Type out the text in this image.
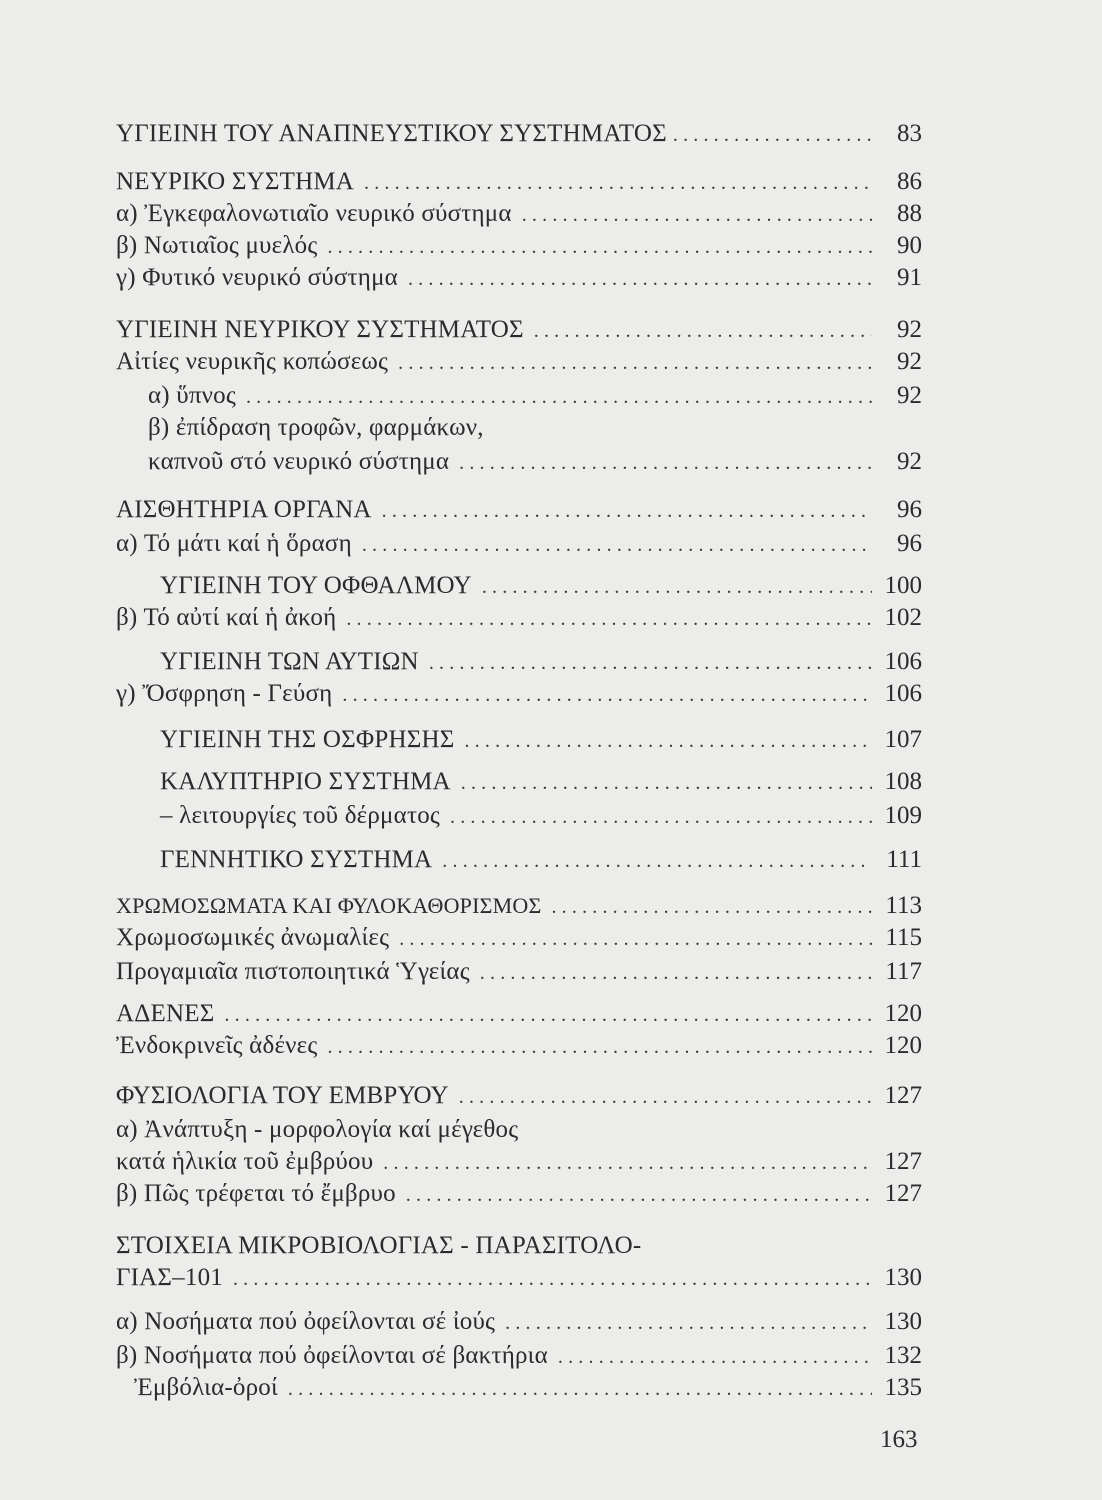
ΥΓΙΕΙΝΗ ΤΟΥ ΑΝΑΠΝΕΥΣΤΙΚΟΥ ΣΥΣΤΗΜΑΤΟΣ .....	83
ΝΕΥΡΙΚΟ ΣΥΣΤΗΜΑ .....	86
α) Ἐγκεφαλονωτιαῖο νευρικό σύστημα .....	88
β) Νωτιαῖος μυελός .....	90
γ) Φυτικό νευρικό σύστημα .....	91
ΥΓΙΕΙΝΗ ΝΕΥΡΙΚΟΥ ΣΥΣΤΗΜΑΤΟΣ .....	92
Αἰτίες νευρικῆς κοπώσεως .....	92
α) ὕπνος .....	92
β) ἐπίδραση τροφῶν, φαρμάκων,
καπνοῦ στό νευρικό σύστημα .....	92
ΑΙΣΘΗΤΗΡΙΑ ΟΡΓΑΝΑ .....	96
α) Τό μάτι καί ἡ ὅραση .....	96
ΥΓΙΕΙΝΗ ΤΟΥ ΟΦΘΑΛΜΟΥ .....	100
β) Τό αὐτί καί ἡ ἀκοή .....	102
ΥΓΙΕΙΝΗ ΤΩΝ ΑΥΤΙΩΝ .....	106
γ) Ὄσφρηση - Γεύση .....	106
ΥΓΙΕΙΝΗ ΤΗΣ ΟΣΦΡΗΣΗΣ .....	107
ΚΑΛΥΠΤΗΡΙΟ ΣΥΣΤΗΜΑ .....	108
– λειτουργίες τοῦ δέρματος .....	109
ΓΕΝΝΗΤΙΚΟ ΣΥΣΤΗΜΑ .....	111
ΧΡΩΜΟΣΩΜΑΤΑ ΚΑΙ ΦΥΛΟΚΑΘΟΡΙΣΜΟΣ .....	113
Χρωμοσωμικές ἀνωμαλίες .....	115
Προγαμιαῖα πιστοποιητικά Ὑγείας .....	117
ΑΔΕΝΕΣ .....	120
Ἐνδοκρινεῖς ἀδένες .....	120
ΦΥΣΙΟΛΟΓΙΑ ΤΟΥ ΕΜΒΡΥΟΥ .....	127
α) Ἀνάπτυξη - μορφολογία καί μέγεθος
κατά ἡλικία τοῦ ἐμβρύου .....	127
β) Πῶς τρέφεται τό ἔμβρυο .....	127
ΣΤΟΙΧΕΙΑ ΜΙΚΡΟΒΙΟΛΟΓΙΑΣ - ΠΑΡΑΣΙΤΟΛΟ-
ΓΙΑΣ–101 .....	130
α) Νοσήματα πού ὀφείλονται σέ ἰούς .....	130
β) Νοσήματα πού ὀφείλονται σέ βακτήρια .....	132
Ἐμβόλια-ὀροί .....	135
163
